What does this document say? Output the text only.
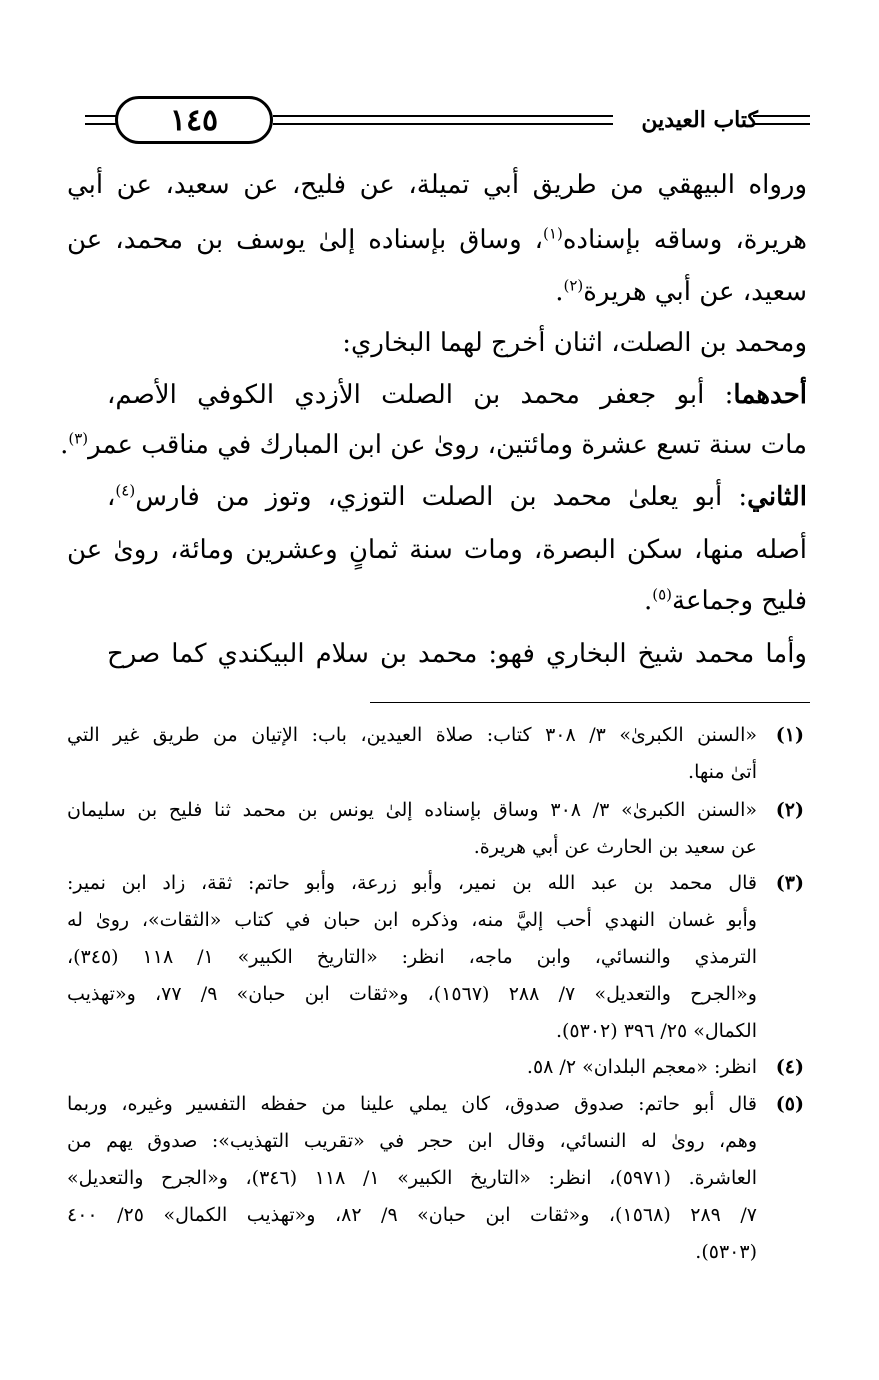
١٤٥	كتاب العيدين
ورواه البيهقي من طريق أبي تميلة، عن فليح، عن سعيد، عن أبي
هريرة، وساقه بإسناده$^{(١)}$، وساق بإسناده إلىٰ يوسف بن محمد، عن
سعيد، عن أبي هريرة$^{(٢)}$.
ومحمد بن الصلت، اثنان أخرج لهما البخاري:
أحدهما: أبو جعفر محمد بن الصلت الأزدي الكوفي الأصم،
مات سنة تسع عشرة ومائتين، روىٰ عن ابن المبارك في مناقب عمر$^{(٣)}$.
الثاني: أبو يعلىٰ محمد بن الصلت التوزي، وتوز من فارس$^{(٤)}$،
أصله منها، سكن البصرة، ومات سنة ثمانٍ وعشرين ومائة، روىٰ عن
فليح وجماعة$^{(٥)}$.
وأما محمد شيخ البخاري فهو: محمد بن سلام البيكندي كما صرح
(١)
«السنن الكبرىٰ» ٣/ ٣٠٨ كتاب: صلاة العيدين، باب: الإتيان من طريق غير التي
أتىٰ منها.
(٢)
«السنن الكبرىٰ» ٣/ ٣٠٨ وساق بإسناده إلىٰ يونس بن محمد ثنا فليح بن سليمان
عن سعيد بن الحارث عن أبي هريرة.
(٣)
قال محمد بن عبد الله بن نمير، وأبو زرعة، وأبو حاتم: ثقة، زاد ابن نمير:
وأبو غسان النهدي أحب إليَّ منه، وذكره ابن حبان في كتاب «الثقات»، روىٰ له
الترمذي والنسائي، وابن ماجه، انظر: «التاريخ الكبير» ١/ ١١٨ (٣٤٥)،
و«الجرح والتعديل» ٧/ ٢٨٨ (١٥٦٧)، و«ثقات ابن حبان» ٩/ ٧٧، و«تهذيب
الكمال» ٢٥/ ٣٩٦ (٥٣٠٢).
(٤)
انظر: «معجم البلدان» ٢/ ٥٨.
(٥)
قال أبو حاتم: صدوق صدوق، كان يملي علينا من حفظه التفسير وغيره، وربما
وهم، روىٰ له النسائي، وقال ابن حجر في «تقريب التهذيب»: صدوق يهم من
العاشرة. (٥٩٧١)، انظر: «التاريخ الكبير» ١/ ١١٨ (٣٤٦)، و«الجرح والتعديل»
٧/ ٢٨٩ (١٥٦٨)، و«ثقات ابن حبان» ٩/ ٨٢، و«تهذيب الكمال» ٢٥/ ٤٠٠
(٥٣٠٣).
